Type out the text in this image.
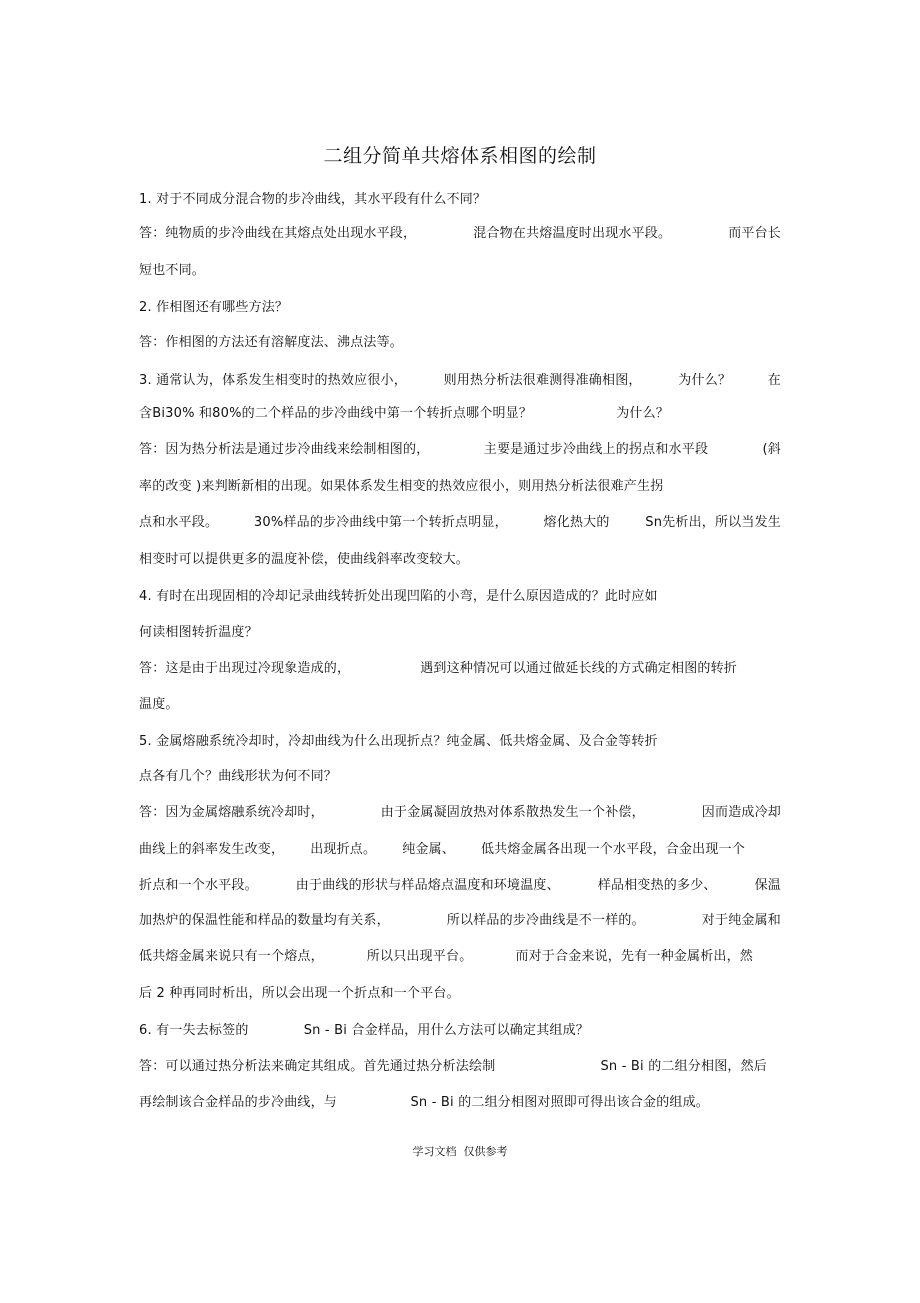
二组分简单共熔体系相图的绘制
1. 对于不同成分混合物的步冷曲线，其水平段有什么不同？
答：纯物质的步冷曲线在其熔点处出现水平段，	混合物在共熔温度时出现水平段。	而平台长
短也不同。
2. 作相图还有哪些方法？
答：作相图的方法还有溶解度法、沸点法等。
3. 通常认为，体系发生相变时的热效应很小，	则用热分析法很难测得准确相图，	为什么？	在
含Bi30% 和80%的二个样品的步冷曲线中第一个转折点哪个明显？	为什么？
答：因为热分析法是通过步冷曲线来绘制相图的，	主要是通过步冷曲线上的拐点和水平段	(斜
率的改变 )来判断新相的出现。如果体系发生相变的热效应很小，则用热分析法很难产生拐
点和水平段。	30%样品的步冷曲线中第一个转折点明显，	熔化热大的	Sn先析出，所以当发生
相变时可以提供更多的温度补偿，使曲线斜率改变较大。
4. 有时在出现固相的冷却记录曲线转折处出现凹陷的小弯，是什么原因造成的？此时应如
何读相图转折温度？
答：这是由于出现过冷现象造成的，	遇到这种情况可以通过做延长线的方式确定相图的转折
温度。
5. 金属熔融系统冷却时，冷却曲线为什么出现折点？纯金属、低共熔金属、及合金等转折
点各有几个？曲线形状为何不同？
答：因为金属熔融系统冷却时，	由于金属凝固放热对体系散热发生一个补偿，	因而造成冷却
曲线上的斜率发生改变， 出现折点。 纯金属、 低共熔金属各出现一个水平段，合金出现一个
折点和一个水平段。	由于曲线的形状与样品熔点温度和环境温度、	样品相变热的多少、	保温
加热炉的保温性能和样品的数量均有关系，	所以样品的步冷曲线是不一样的。	对于纯金属和
低共熔金属来说只有一个熔点，	所以只出现平台。	而对于合金来说，先有一种金属析出，然
后 2 种再同时析出，所以会出现一个折点和一个平台。
6. 有一失去标签的	Sn - Bi 合金样品，用什么方法可以确定其组成？
答：可以通过热分析法来确定其组成。首先通过热分析法绘制	Sn - Bi 的二组分相图，然后
再绘制该合金样品的步冷曲线，与	Sn - Bi 的二组分相图对照即可得出该合金的组成。
学习文档  仅供参考
